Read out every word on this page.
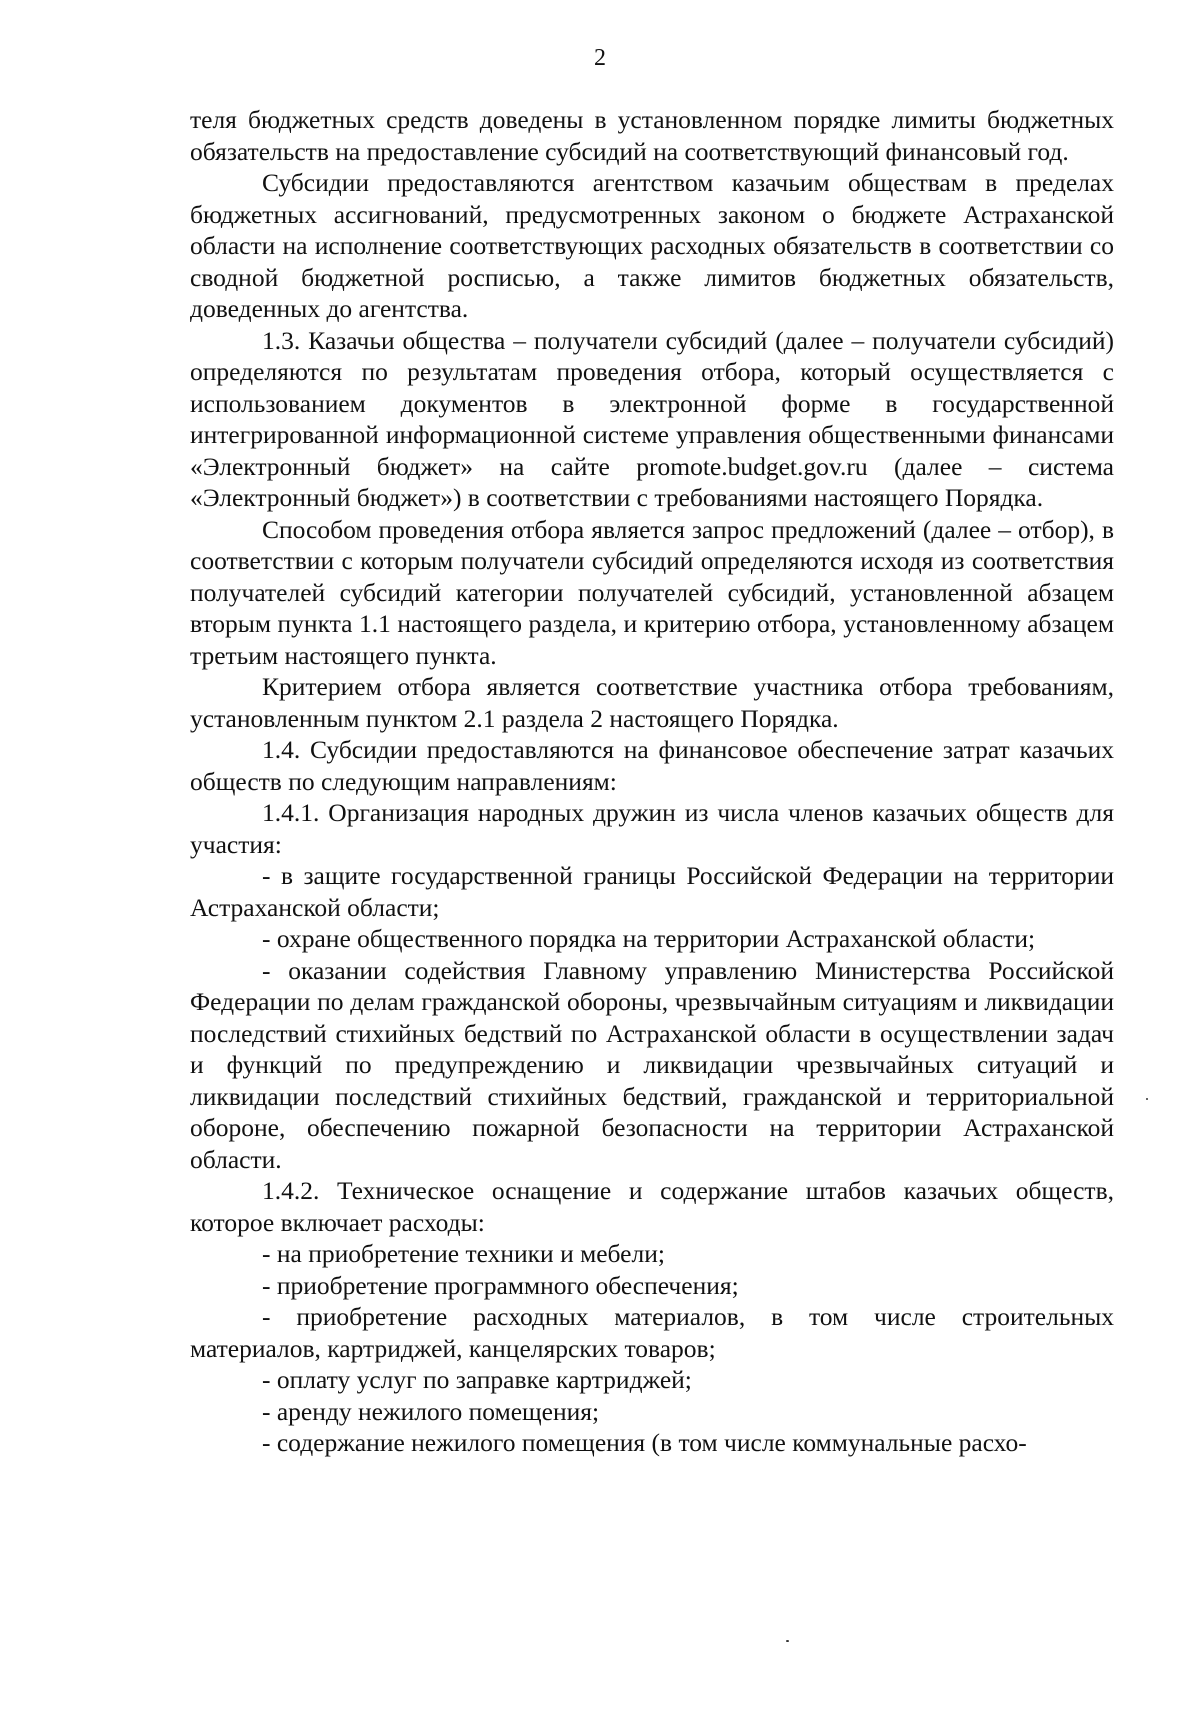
2

теля бюджетных средств доведены в установленном порядке лимиты бюджетных обязательств на предоставление субсидий на соответствующий финансовый год.

Субсидии предоставляются агентством казачьим обществам в пределах бюджетных ассигнований, предусмотренных законом о бюджете Астраханской области на исполнение соответствующих расходных обязательств в соответствии со сводной бюджетной росписью, а также лимитов бюджетных обязательств, доведенных до агентства.

1.3. Казачьи общества – получатели субсидий (далее – получатели субсидий) определяются по результатам проведения отбора, который осуществляется с использованием документов в электронной форме в государственной интегрированной информационной системе управления общественными финансами «Электронный бюджет» на сайте promote.budget.gov.ru (далее – система «Электронный бюджет») в соответствии с требованиями настоящего Порядка.

Способом проведения отбора является запрос предложений (далее – отбор), в соответствии с которым получатели субсидий определяются исходя из соответствия получателей субсидий категории получателей субсидий, установленной абзацем вторым пункта 1.1 настоящего раздела, и критерию отбора, установленному абзацем третьим настоящего пункта.

Критерием отбора является соответствие участника отбора требованиям, установленным пунктом 2.1 раздела 2 настоящего Порядка.

1.4. Субсидии предоставляются на финансовое обеспечение затрат казачьих обществ по следующим направлениям:

1.4.1. Организация народных дружин из числа членов казачьих обществ для участия:

- в защите государственной границы Российской Федерации на территории Астраханской области;

- охране общественного порядка на территории Астраханской области;

- оказании содействия Главному управлению Министерства Российской Федерации по делам гражданской обороны, чрезвычайным ситуациям и ликвидации последствий стихийных бедствий по Астраханской области в осуществлении задач и функций по предупреждению и ликвидации чрезвычайных ситуаций и ликвидации последствий стихийных бедствий, гражданской и территориальной обороне, обеспечению пожарной безопасности на территории Астраханской области.

1.4.2. Техническое оснащение и содержание штабов казачьих обществ, которое включает расходы:

- на приобретение техники и мебели;

- приобретение программного обеспечения;

- приобретение расходных материалов, в том числе строительных материалов, картриджей, канцелярских товаров;

- оплату услуг по заправке картриджей;

- аренду нежилого помещения;

- содержание нежилого помещения (в том числе коммунальные расхо-
